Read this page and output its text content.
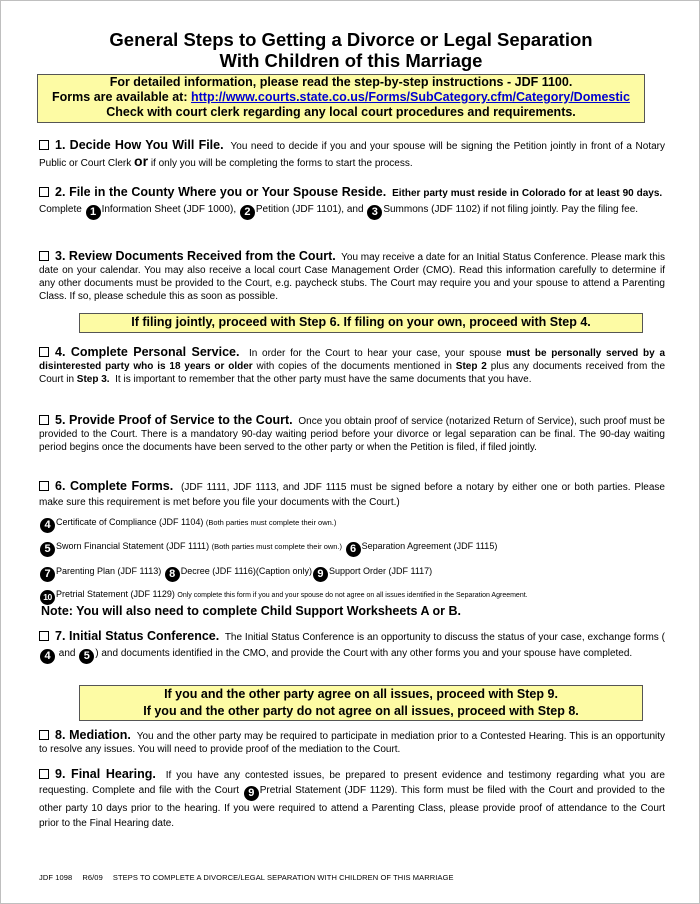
General Steps to Getting a Divorce or Legal Separation
With Children of this Marriage
For detailed information, please read the step-by-step instructions - JDF 1100.
Forms are available at: http://www.courts.state.co.us/Forms/SubCategory.cfm/Category/Domestic
Check with court clerk regarding any local court procedures and requirements.

1. Decide How You Will File. You need to decide if you and your spouse will be signing the Petition jointly in front of a Notary Public or Court Clerk or if only you will be completing the forms to start the process.

2. File in the County Where you or Your Spouse Reside. Either party must reside in Colorado for at least 90 days.  Complete 1 Information Sheet (JDF 1000), 2 Petition (JDF 1101), and 3 Summons (JDF 1102) if not filing jointly. Pay the filing fee.

3. Review Documents Received from the Court. You may receive a date for an Initial Status Conference. Please mark this date on your calendar. You may also receive a local court Case Management Order (CMO). Read this information carefully to determine if any other documents must be provided to the Court, e.g. paycheck stubs. The Court may require you and your spouse to attend a Parenting Class. If so, please schedule this as soon as possible.

If filing jointly, proceed with Step 6. If filing on your own, proceed with Step 4.

4. Complete Personal Service. In order for the Court to hear your case, your spouse must be personally served by a disinterested party who is 18 years or older with copies of the documents mentioned in Step 2 plus any documents received from the Court in Step 3. It is important to remember that the other party must have the same documents that you have.

5. Provide Proof of Service to the Court. Once you obtain proof of service (notarized Return of Service), such proof must be provided to the Court. There is a mandatory 90-day waiting period before your divorce or legal separation can be final. The 90-day waiting period begins once the documents have been served to the other party or when the Petition is filed, if filed jointly.

6. Complete Forms. (JDF 1111, JDF 1113, and JDF 1115 must be signed before a notary by either one or both parties. Please make sure this requirement is met before you file your documents with the Court.)

4 Certificate of Compliance (JDF 1104) (Both parties must complete their own.)
5 Sworn Financial Statement (JDF 1111) (Both parties must complete their own.) 6 Separation Agreement (JDF 1115)
7 Parenting Plan (JDF 1113) 8 Decree (JDF 1116)(Caption only) 9 Support Order (JDF 1117)
10 Pretrial Statement (JDF 1129) Only complete this form if you and your spouse do not agree on all issues identified in the Separation Agreement.
Note: You will also need to complete Child Support Worksheets A or B.

7. Initial Status Conference. The Initial Status Conference is an opportunity to discuss the status of your case, exchange forms (4 and 5 ) and documents identified in the CMO, and provide the Court with any other forms you and your spouse have completed.

If you and the other party agree on all issues, proceed with Step 9.
If you and the other party do not agree on all issues, proceed with Step 8.

8. Mediation. You and the other party may be required to participate in mediation prior to a Contested Hearing. This is an opportunity to resolve any issues. You will need to provide proof of the mediation to the Court.

9. Final Hearing. If you have any contested issues, be prepared to present evidence and testimony regarding what you are requesting. Complete and file with the Court 9 Pretrial Statement (JDF 1129). This form must be filed with the Court and provided to the other party 10 days prior to the hearing. If you were required to attend a Parenting Class, please provide proof of attendance to the Court prior to the Final Hearing date.

JDF 1098 R6/09 STEPS TO COMPLETE A DIVORCE/LEGAL SEPARATION WITH CHILDREN OF THIS MARRIAGE
